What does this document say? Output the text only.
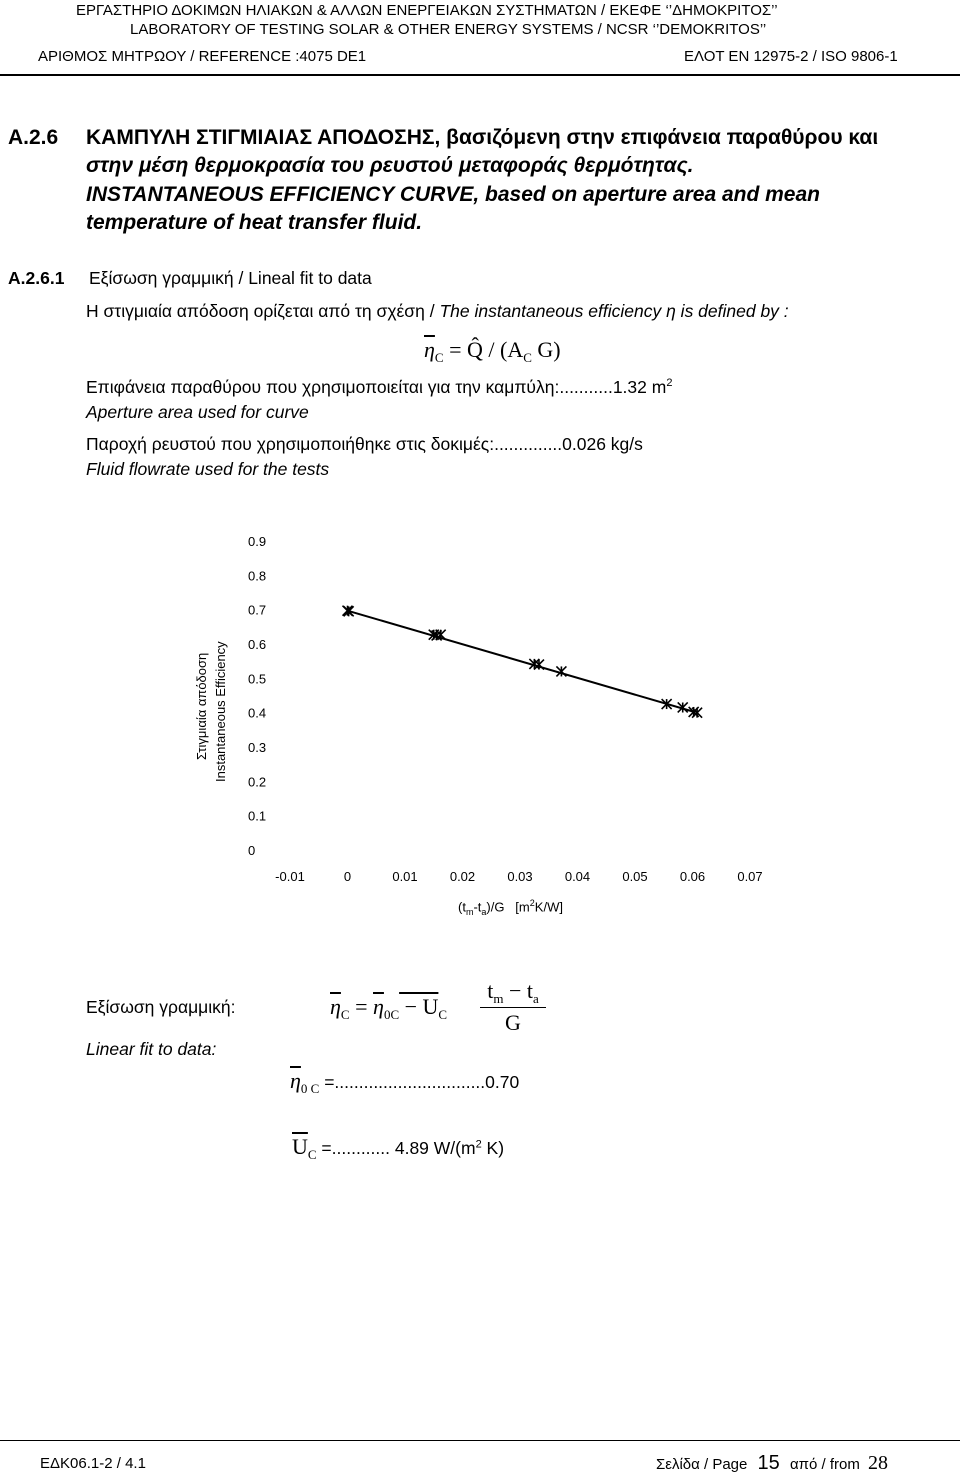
ΕΡΓΑΣΤΗΡΙΟ ΔΟΚΙΜΩΝ ΗΛΙΑΚΩΝ & ΑΛΛΩΝ ΕΝΕΡΓΕΙΑΚΩΝ ΣΥΣΤΗΜΑΤΩΝ / ΕΚΕΦΕ ‘’ΔΗΜΟΚΡΙΤΟΣ’’
LABORATORY OF TESTING SOLAR & OTHER ENERGY SYSTEMS / NCSR ‘’DEMOKRITOS’’
ΑΡΙΘΜΟΣ ΜΗΤΡΩΟΥ / REFERENCE :4075 DE1	ΕΛΟΤ ΕΝ 12975-2 / ISO 9806-1
A.2.6 ΚΑΜΠΥΛΗ ΣΤΙΓΜΙΑΙΑΣ ΑΠΟΔΟΣΗΣ, βασιζόμενη στην επιφάνεια παραθύρου και
στην μέση θερμοκρασία του ρευστού μεταφοράς θερμότητας.
INSTANTANEOUS EFFICIENCY CURVE, based on aperture area and mean
temperature of heat transfer fluid.
A.2.6.1 Εξίσωση γραμμική / Lineal fit to data
Η στιγμιαία απόδοση ορίζεται από τη σχέση / The instantaneous efficiency η is defined by :
$\overline{\eta}_C$ = Q̂ / ($A_C$ G)
Επιφάνεια παραθύρου που χρησιμοποιείται για την καμπύλη:...........1.32 $m^2$
Aperture area used for curve
Παροχή ρευστού που χρησιμοποιήθηκε στις δοκιμές:..............0.026 kg/s
Fluid flowrate used for the tests
0
0.1
0.2
0.3
0.4
0.5
0.6
0.7
0.8
0.9
-0.01	0	0.01 0.02 0.03 0.04 0.05 0.06 0.07
Στιγμιαία απόδοση Instantaneous Efficiency
$(t_m-t_a)/G$   $[m^2K/W]$
Εξίσωση γραμμική:
Linear fit to data:
$\overline{\eta}_C = \overline{\eta}_{0C} - U_C$
$t_m - t_a$
G
$\overline{\eta}_{0 C} =...............................0.70$
$\overline{U}_C$ =............ 4.89 $W/(m^2$ K)
ΕΔΚ06.1-2 / 4.1	Σελίδα / Page 15 από / from 28
